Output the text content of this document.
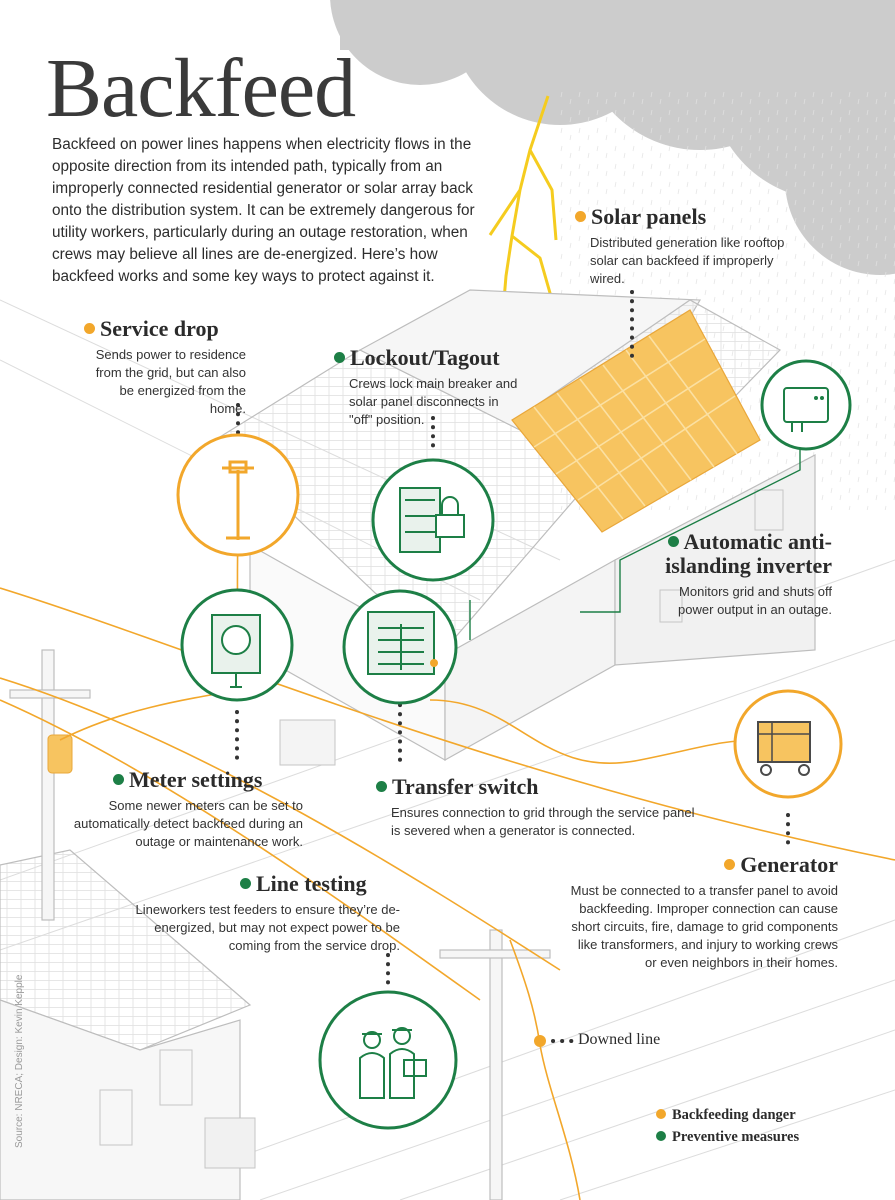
Backfeed
Backfeed on power lines happens when electricity flows in the opposite direction from its intended path, typically from an improperly connected residential generator or solar array back onto the distribution system. It can be extremely dangerous for utility workers, particularly during an outage restoration, when crews may believe all lines are de-energized. Here’s how backfeed works and some key ways to protect against it.
Solar panels

Distributed generation like rooftop solar can backfeed if improperly wired.

Service drop

Sends power to residence from the grid, but can also be energized from the home.

Lockout/Tagout

Crews lock main breaker and solar panel disconnects in "off" position.

Automatic anti-islanding inverter

Monitors grid and shuts off power output in an outage.

Meter settings

Some newer meters can be set to automatically detect backfeed during an outage or maintenance work.

Transfer switch

Ensures connection to grid through the service panel is severed when a generator is connected.

Generator

Must be connected to a transfer panel to avoid backfeeding. Improper connection can cause short circuits, fire, damage to grid components like transformers, and injury to working crews or even neighbors in their homes.

Line testing

Lineworkers test feeders to ensure they’re de-energized, but may not expect power to be coming from the service drop.

Downed line
Backfeeding danger
Preventive measures
Source: NRECA; Design: Kevin Kepple
